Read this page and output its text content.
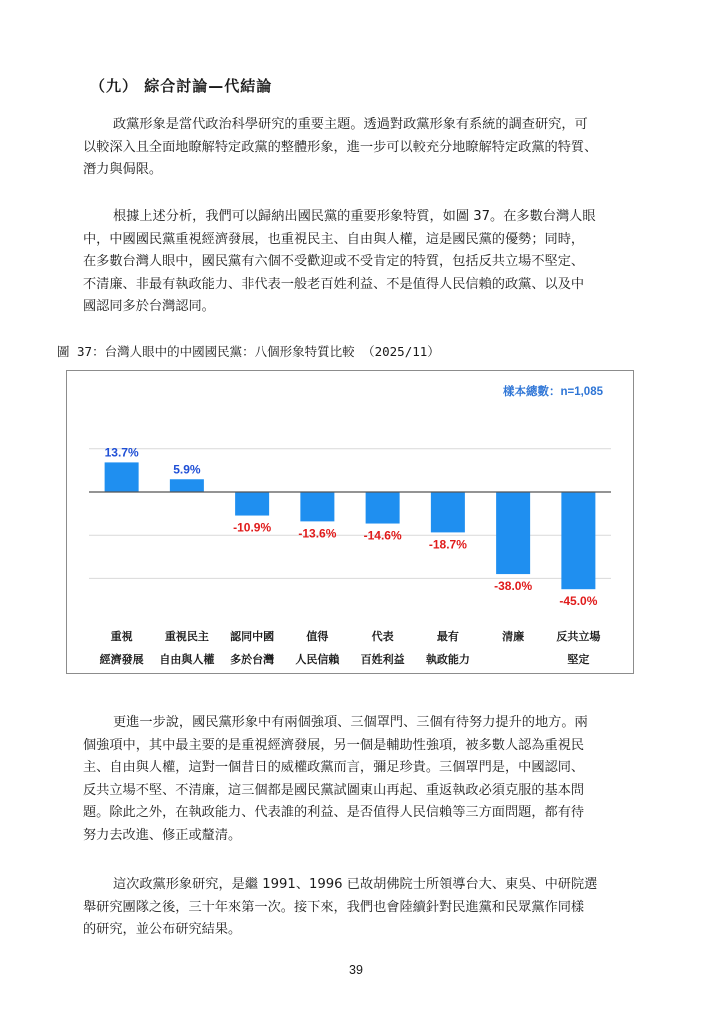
（九） 綜合討論—代結論
政黨形象是當代政治科學研究的重要主題。透過對政黨形象有系統的調查研究，可
以較深入且全面地瞭解特定政黨的整體形象，進一步可以較充分地瞭解特定政黨的特質、
潛力與侷限。
根據上述分析，我們可以歸納出國民黨的重要形象特質，如圖 37。在多數台灣人眼
中，中國國民黨重視經濟發展，也重視民主、自由與人權，這是國民黨的優勢；同時，
在多數台灣人眼中，國民黨有六個不受歡迎或不受肯定的特質，包括反共立場不堅定、
不清廉、非最有執政能力、非代表一般老百姓利益、不是值得人民信賴的政黨、以及中
國認同多於台灣認同。
圖 37：台灣人眼中的中國國民黨：八個形象特質比較 （2025/11）
樣本總數：n=1,085
13.7%
5.9%
-10.9% -13.6% -14.6%
-18.7%
-38.0%
-45.0%
重視
經濟發展
重視民主
自由與人權
認同中國
多於台灣
值得
人民信賴
代表
百姓利益
最有
執政能力
清廉
	反共立場
堅定
更進一步說，國民黨形象中有兩個強項、三個罩門、三個有待努力提升的地方。兩
個強項中，其中最主要的是重視經濟發展，另一個是輔助性強項，被多數人認為重視民
主、自由與人權，這對一個昔日的威權政黨而言，彌足珍貴。三個罩門是，中國認同、
反共立場不堅、不清廉，這三個都是國民黨試圖東山再起、重返執政必須克服的基本問
題。除此之外，在執政能力、代表誰的利益、是否值得人民信賴等三方面問題，都有待
努力去改進、修正或釐清。
這次政黨形象研究，是繼 1991、1996 已故胡佛院士所領導台大、東吳、中研院選
舉研究團隊之後，三十年來第一次。接下來，我們也會陸續針對民進黨和民眾黨作同樣
的研究，並公布研究結果。
39
